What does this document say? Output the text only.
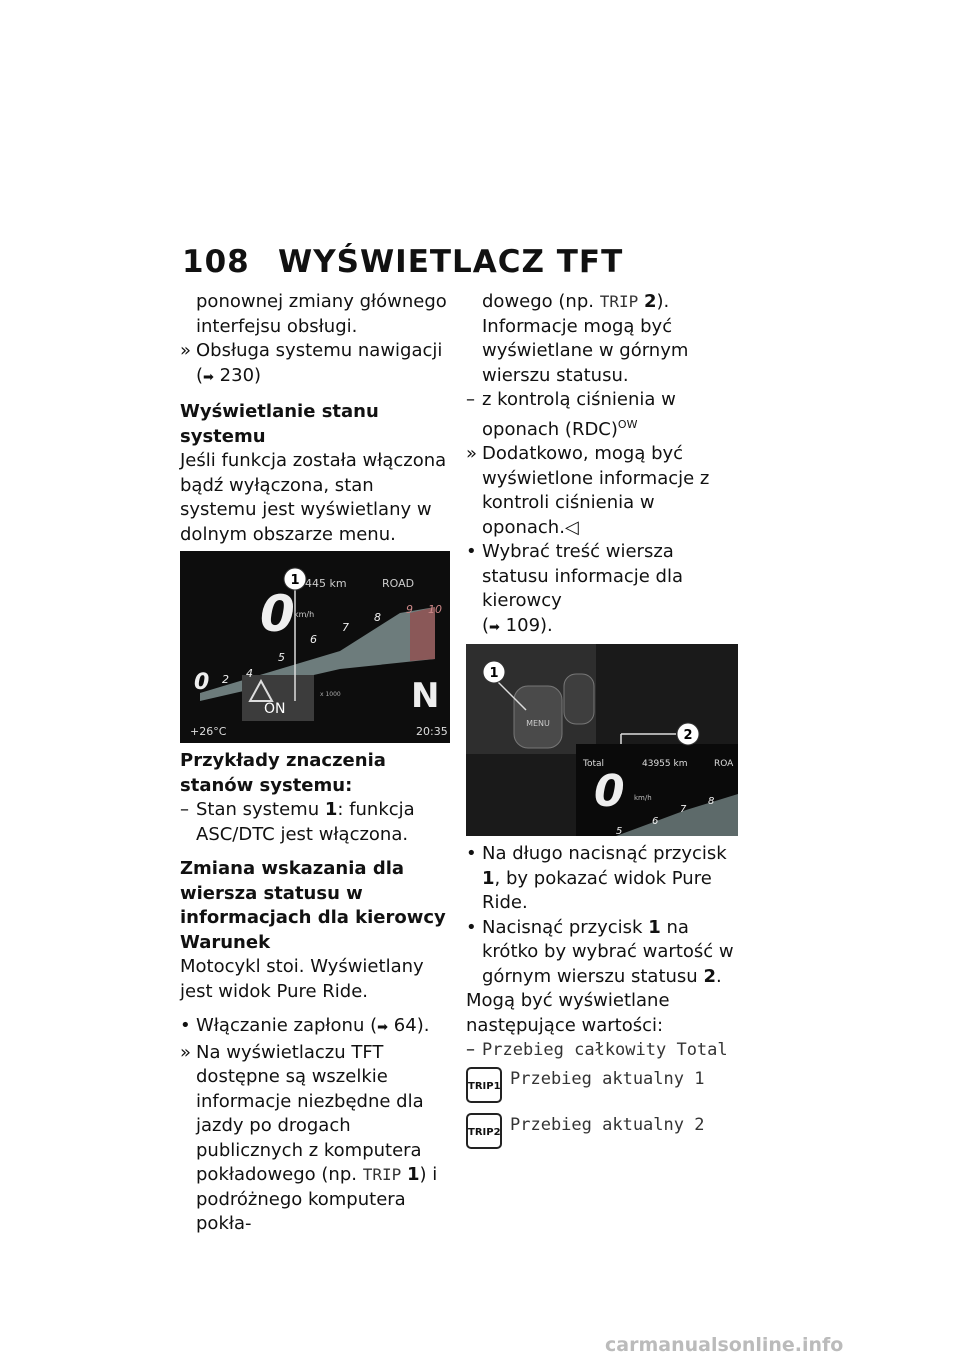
108 WYŚWIETLACZ TFT

ponownej zmiany głównego interfejsu obsługi.

» Obsługa systemu nawigacji
(➡ 230)

Wyświetlanie stanu systemu

Jeśli funkcja została włączona bądź wyłączona, stan systemu jest wyświetlany w dolnym obszarze menu.

1
0
445 km	ROAD
km/h
0
ON
+26°C	20:35
N
x 1000
2 4
5
6
7
8
9 10

Przykłady znaczenia stanów systemu:

– Stan systemu 1: funkcja ASC/DTC jest włączona.

Zmiana wskazania dla wiersza statusu w informacjach dla kierowcy

Warunek

Motocykl stoi. Wyświetlany jest widok Pure Ride.

• Włączanie zapłonu (➡ 64).

» Na wyświetlaczu TFT dostępne są wszelkie informacje niezbędne dla jazdy po drogach publicznych z komputera pokładowego (np. TRIP 1) i podróżnego komputera pokła-

dowego (np. TRIP 2). Informacje mogą być wyświetlane w górnym wierszu statusu.

– z kontrolą ciśnienia w oponach (RDC)$^{OW}$

» Dodatkowo, mogą być wyświetlone informacje z kontroli ciśnienia w oponach.◁

• Wybrać treść wiersza statusu informacje dla kierowcy
(➡ 109).

MENU
1
2
Total	43955 km	ROA
0 km/h
5
6
7
8

• Na długo nacisnąć przycisk 1, by pokazać widok Pure Ride.

• Nacisnąć przycisk 1 na krótko by wybrać wartość w górnym wierszu statusu 2.

Mogą być wyświetlane następujące wartości:

– Przebieg całkowity Total

TRIP1 Przebieg aktualny 1
TRIP2 Przebieg aktualny 2
carmanualsonline.info
